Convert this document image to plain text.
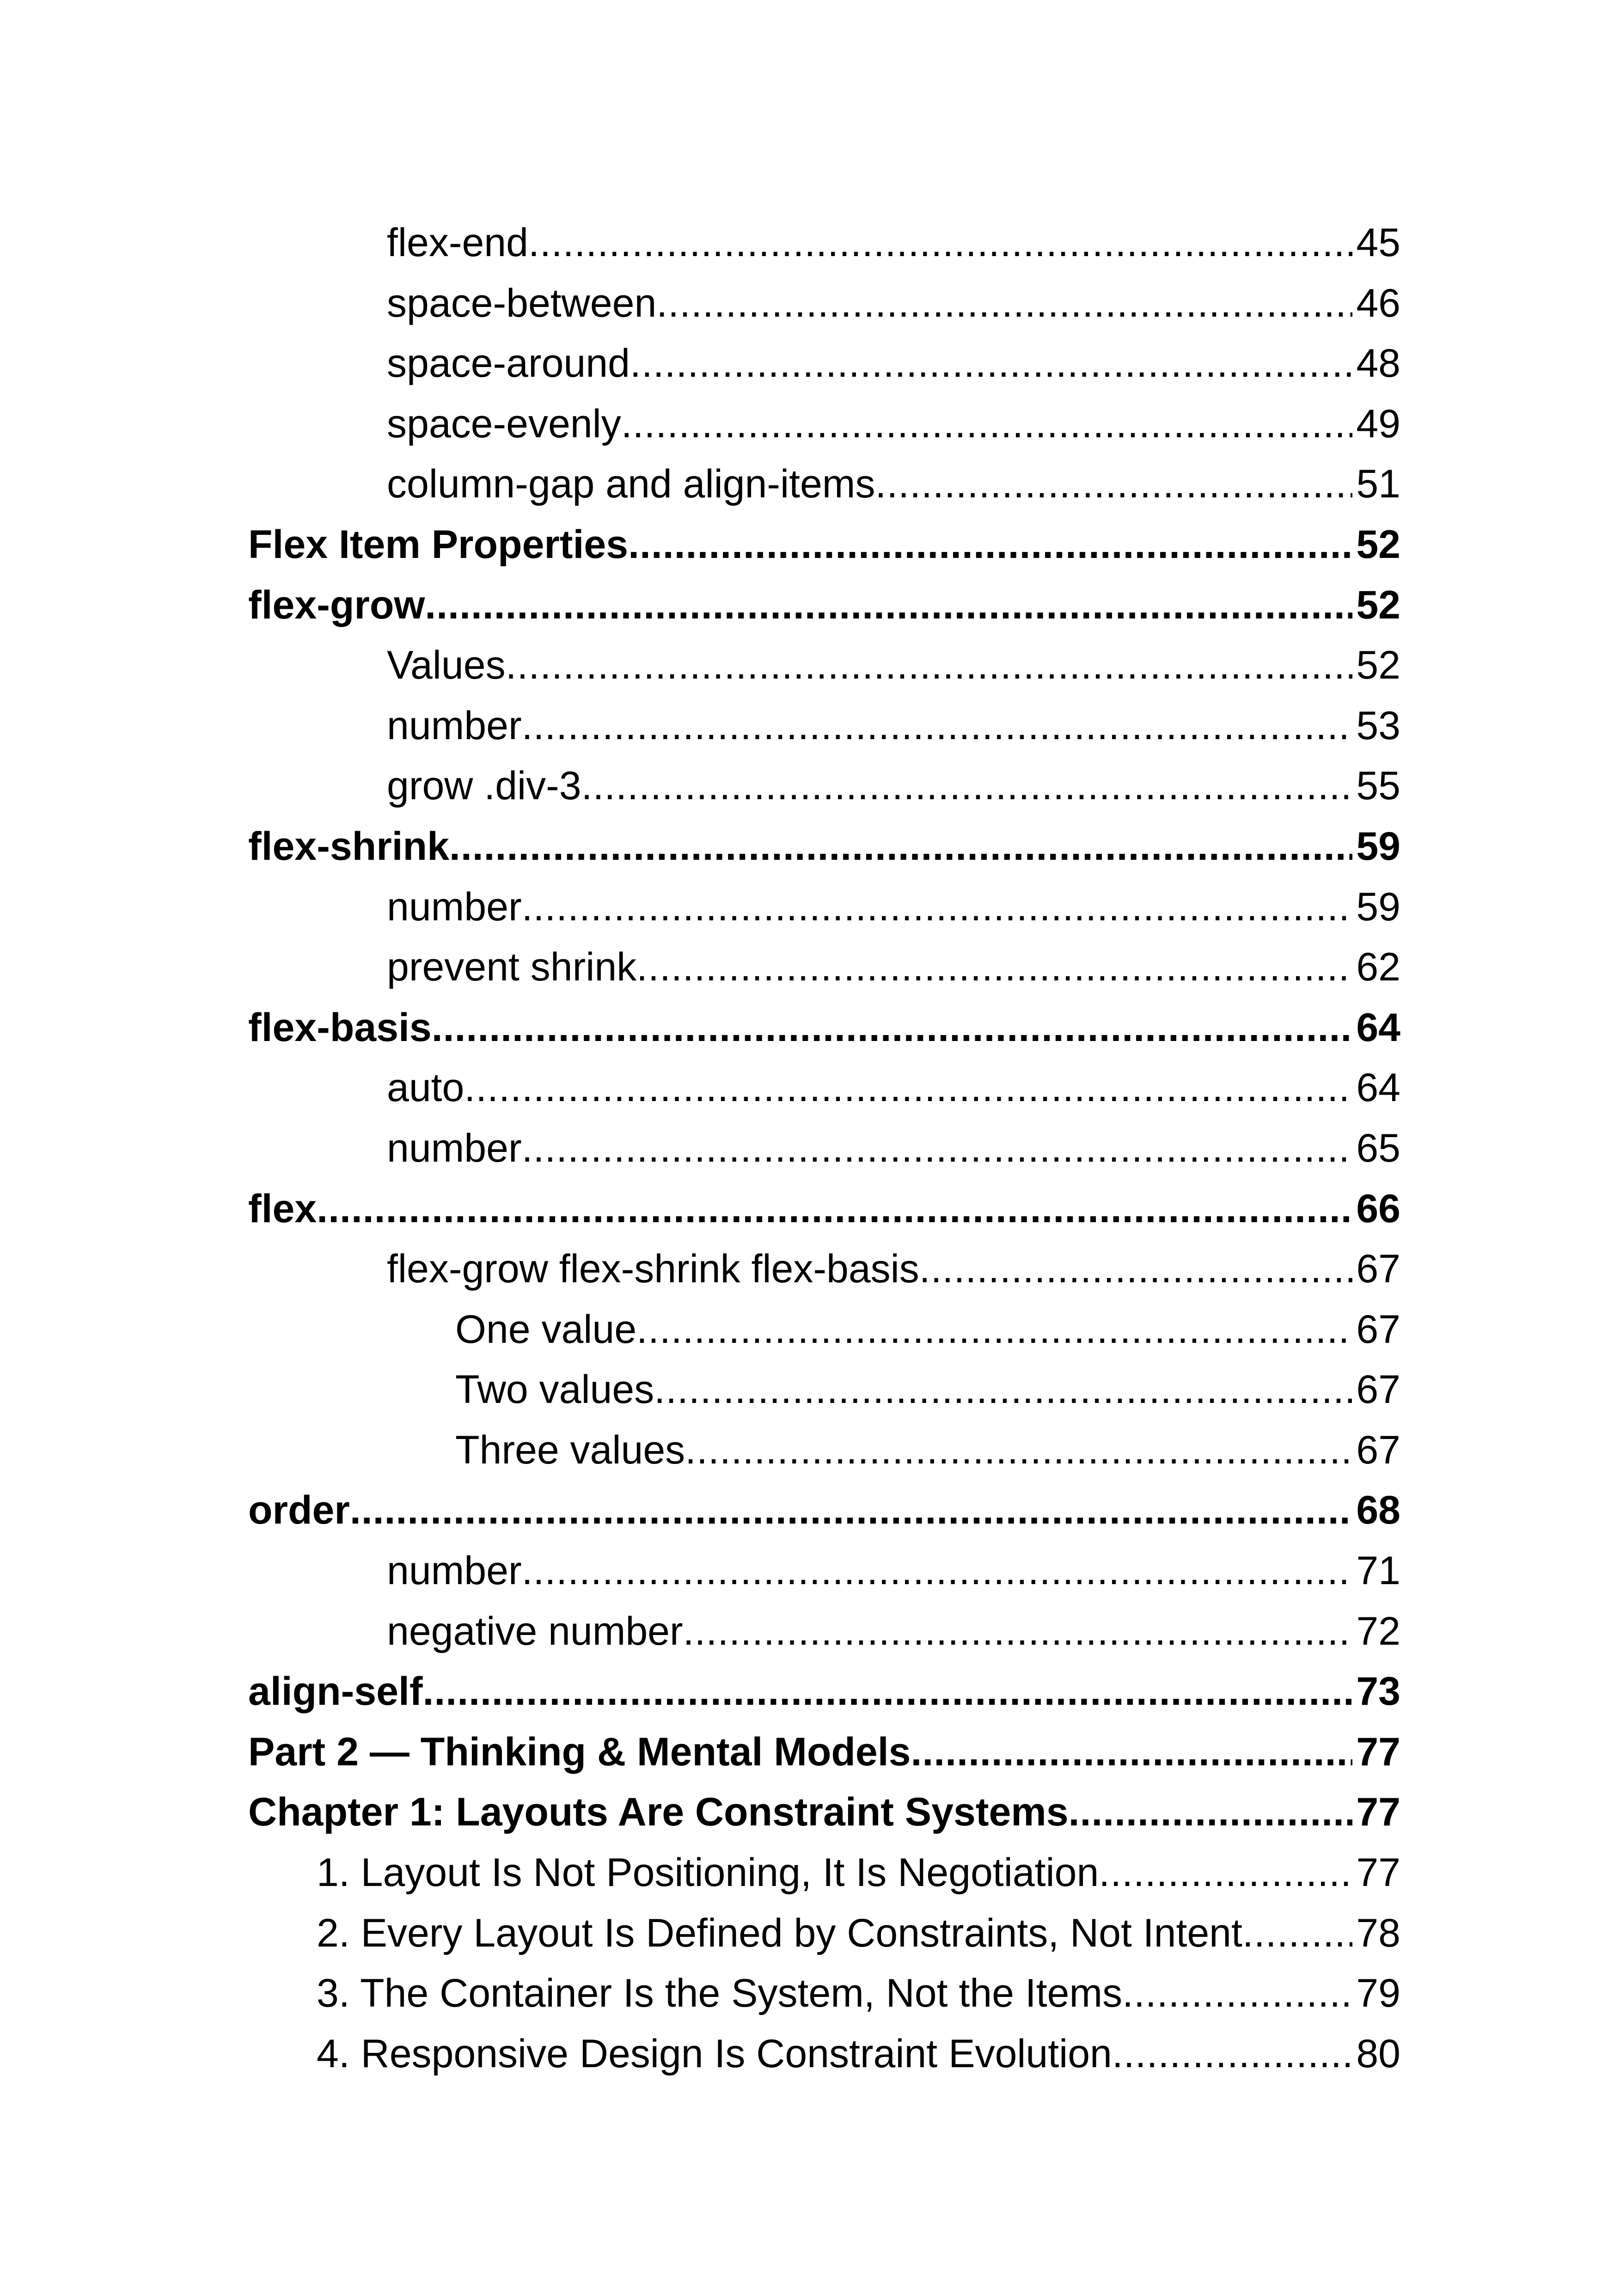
flex-end .....	45
space-between .....	46
space-around .....	48
space-evenly .....	49
column-gap and align-items .....	51
Flex Item Properties .....	52
flex-grow .....	52
Values .....	52
number .....	53
grow .div-3 .....	55
flex-shrink .....	59
number .....	59
prevent shrink .....	62
flex-basis .....	64
auto .....	64
number .....	65
flex .....	66
flex-grow flex-shrink flex-basis .....	67
One value .....	67
Two values .....	67
Three values .....	67
order .....	68
number .....	71
negative number .....	72
align-self .....	73
Part 2 — Thinking & Mental Models .....	77
Chapter 1: Layouts Are Constraint Systems .....	77
1. Layout Is Not Positioning, It Is Negotiation .....	77
2. Every Layout Is Defined by Constraints, Not Intent .....	78
3. The Container Is the System, Not the Items .....	79
4. Responsive Design Is Constraint Evolution .....	80
